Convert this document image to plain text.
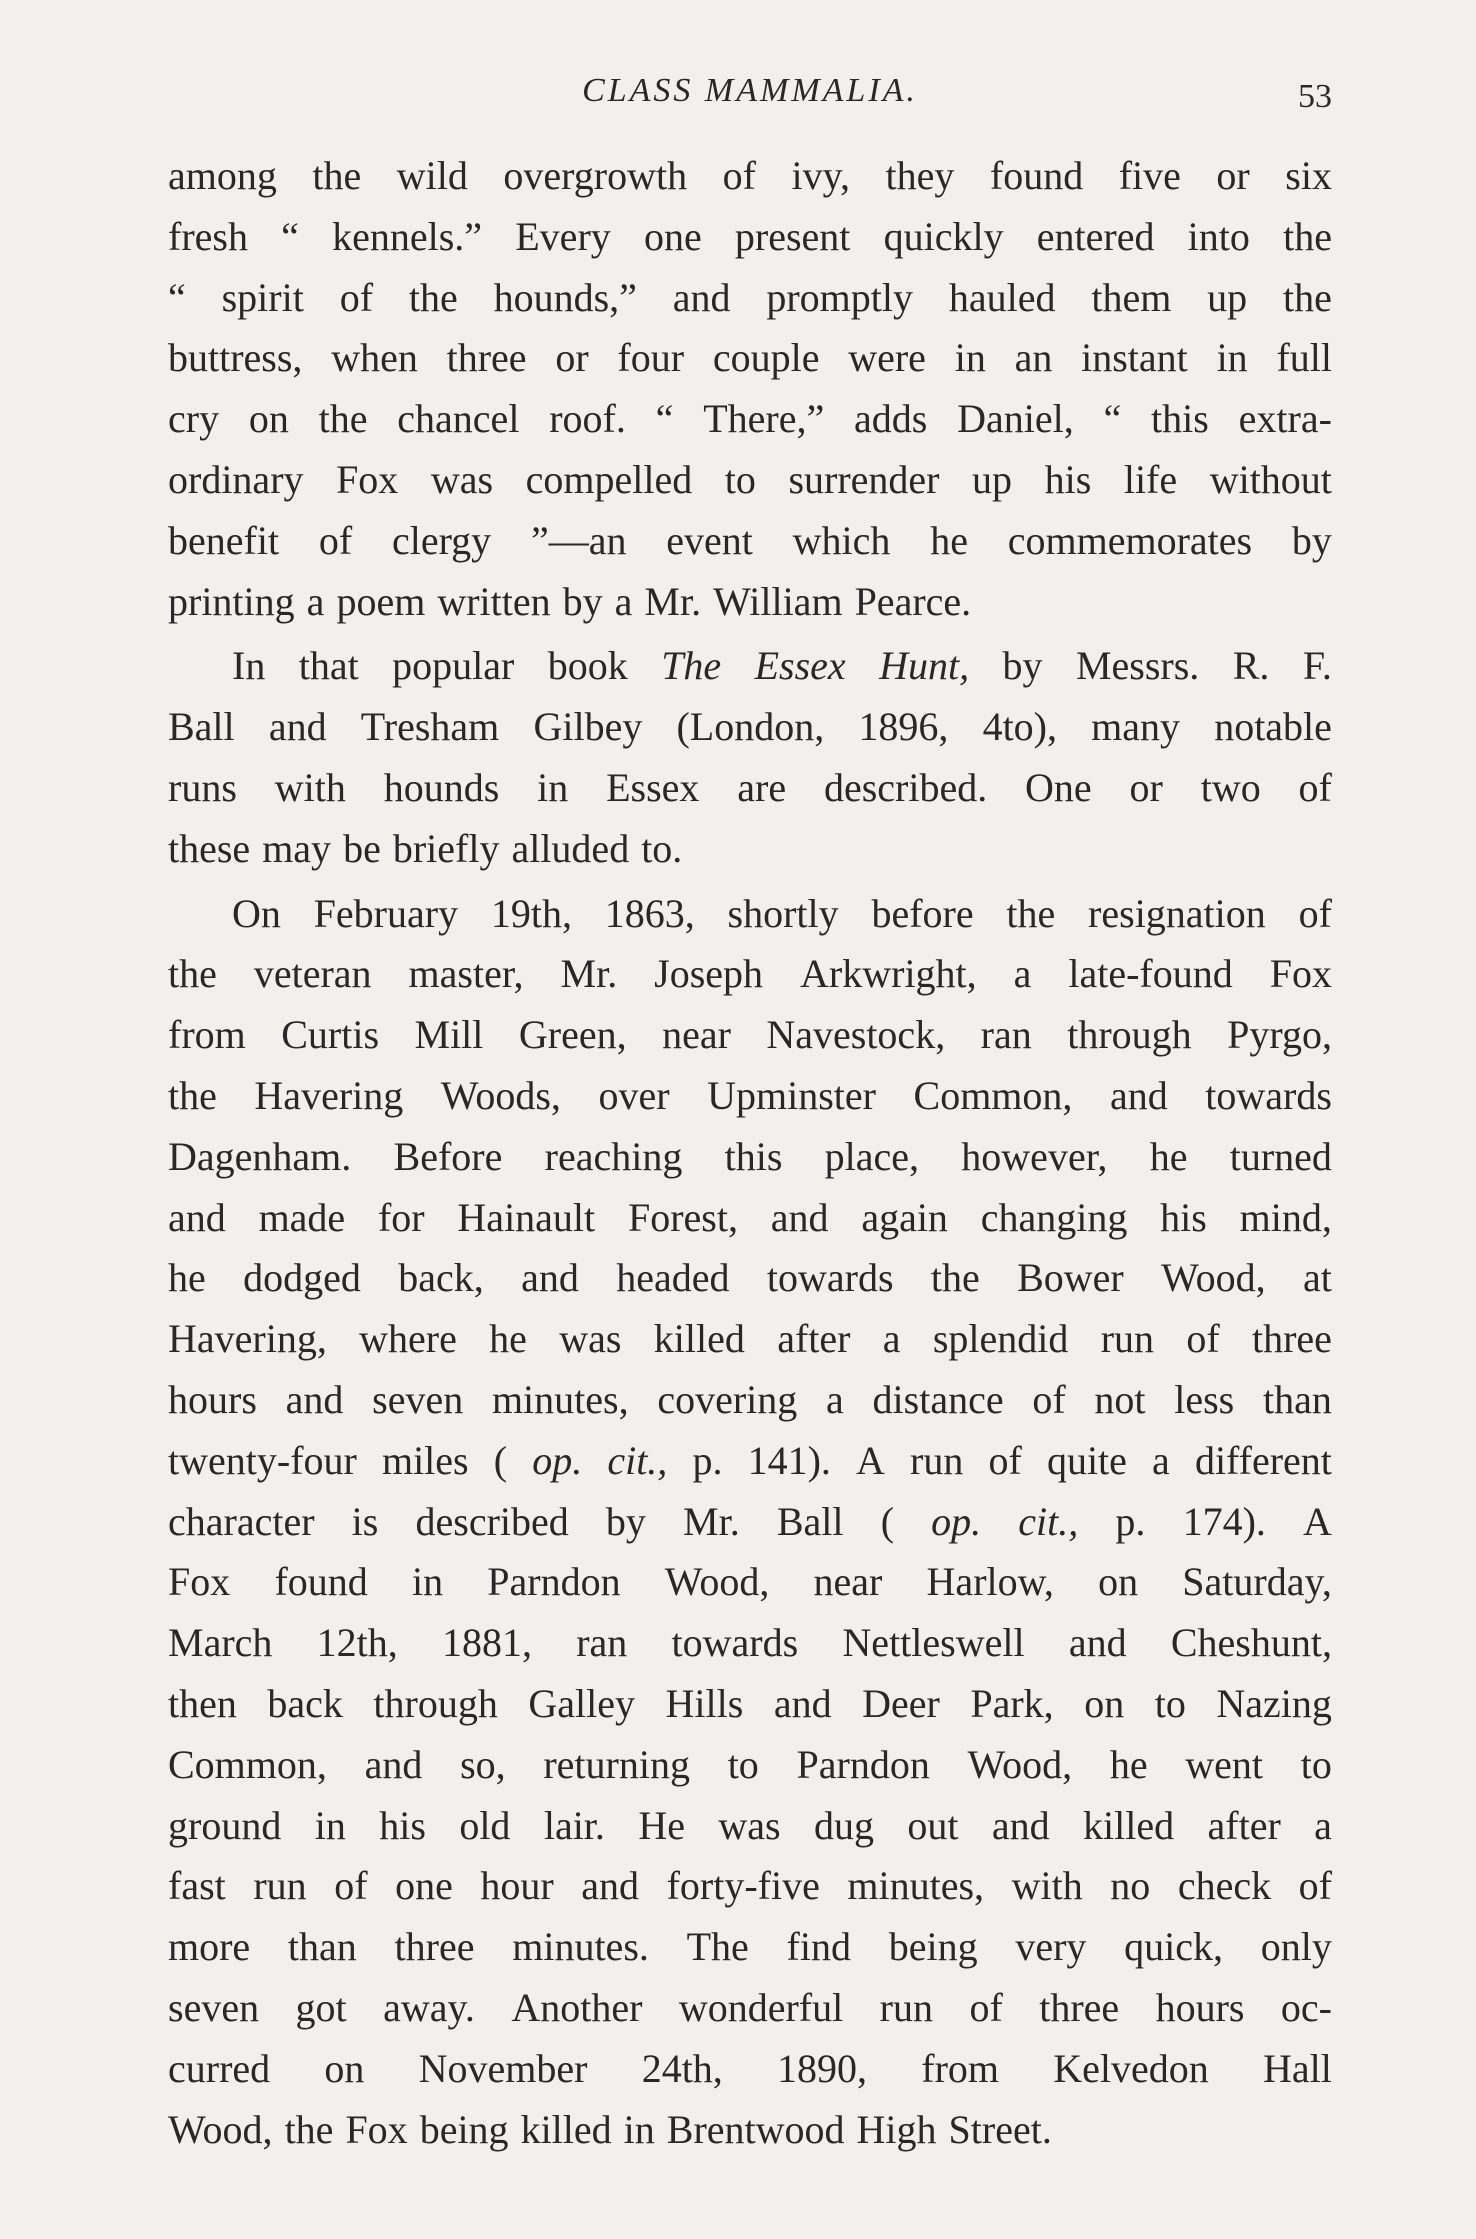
CLASS MAMMALIA.	53
among the wild overgrowth of ivy, they found five or six
fresh “ kennels.” Every one present quickly entered into the
“ spirit of the hounds,” and promptly hauled them up the
buttress, when three or four couple were in an instant in full
cry on the chancel roof. “ There,” adds Daniel, “ this extra-
ordinary Fox was compelled to surrender up his life without
benefit of clergy ”—an event which he commemorates by
printing a poem written by a Mr. William Pearce.
In that popular book The Essex Hunt, by Messrs. R. F.
Ball and Tresham Gilbey (London, 1896, 4to), many notable
runs with hounds in Essex are described. One or two of
these may be briefly alluded to.
On February 19th, 1863, shortly before the resignation of
the veteran master, Mr. Joseph Arkwright, a late-found Fox
from Curtis Mill Green, near Navestock, ran through Pyrgo,
the Havering Woods, over Upminster Common, and towards
Dagenham. Before reaching this place, however, he turned
and made for Hainault Forest, and again changing his mind,
he dodged back, and headed towards the Bower Wood, at
Havering, where he was killed after a splendid run of three
hours and seven minutes, covering a distance of not less than
twenty-four miles ( op. cit., p. 141). A run of quite a different
character is described by Mr. Ball ( op. cit., p. 174). A
Fox found in Parndon Wood, near Harlow, on Saturday,
March 12th, 1881, ran towards Nettleswell and Cheshunt,
then back through Galley Hills and Deer Park, on to Nazing
Common, and so, returning to Parndon Wood, he went to
ground in his old lair. He was dug out and killed after a
fast run of one hour and forty-five minutes, with no check of
more than three minutes. The find being very quick, only
seven got away. Another wonderful run of three hours oc-
curred on November 24th, 1890, from Kelvedon Hall
Wood, the Fox being killed in Brentwood High Street.
